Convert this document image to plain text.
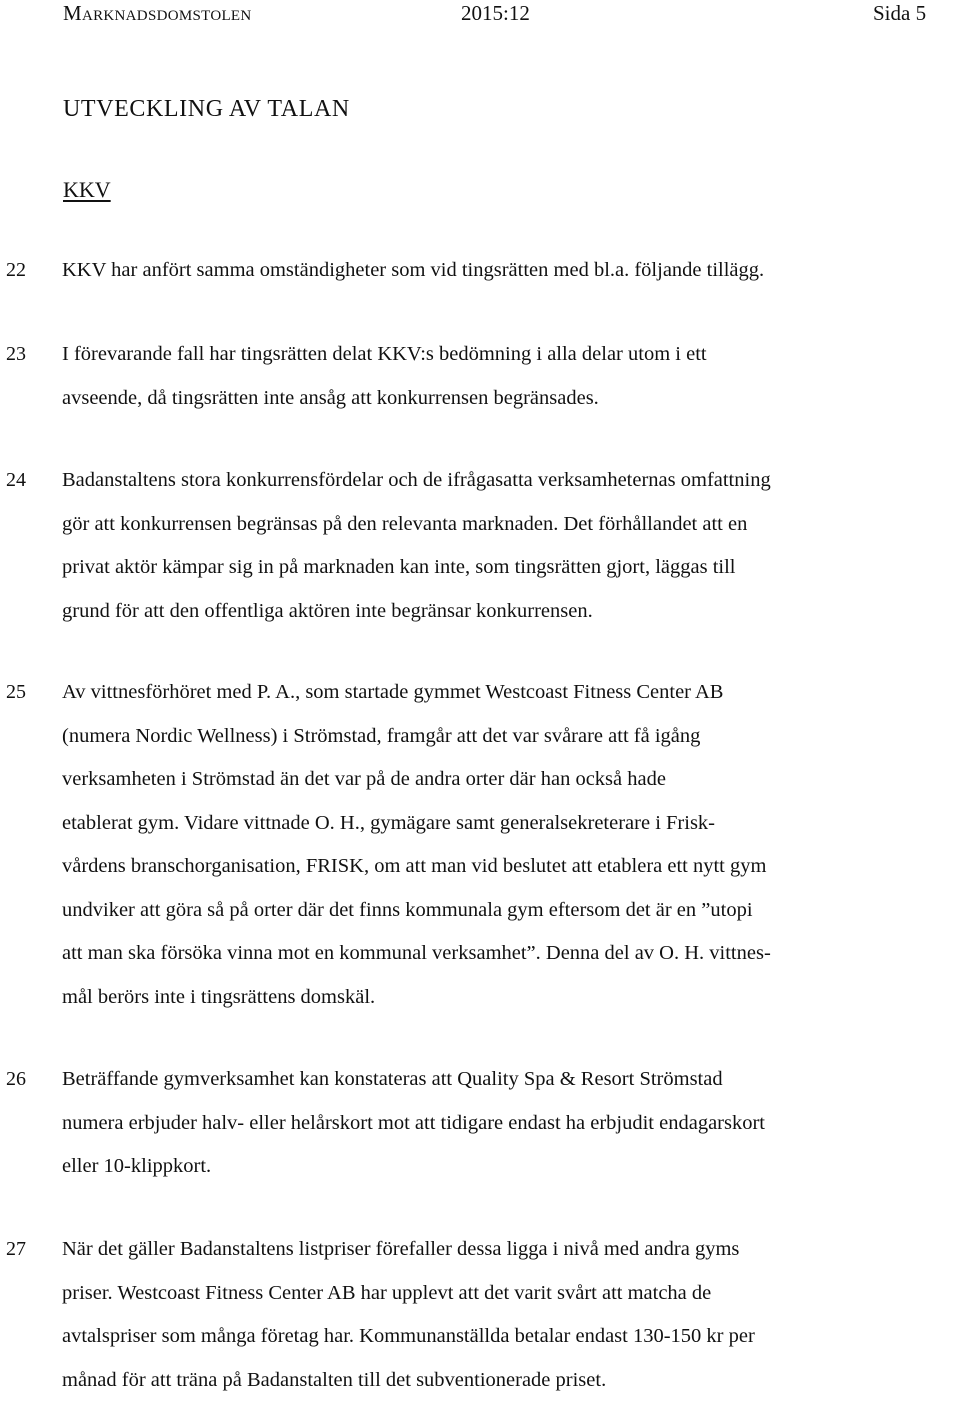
Marknadsdomstolen	2015:12	Sida 5
UTVECKLING AV TALAN
KKV
22 KKV har anfört samma omständigheter som vid tingsrätten med bl.a. följande tillägg.
23 I förevarande fall har tingsrätten delat KKV:s bedömning i alla delar utom i ett
avseende, då tingsrätten inte ansåg att konkurrensen begränsades.
24 Badanstaltens stora konkurrensfördelar och de ifrågasatta verksamheternas omfattning
gör att konkurrensen begränsas på den relevanta marknaden. Det förhållandet att en
privat aktör kämpar sig in på marknaden kan inte, som tingsrätten gjort, läggas till
grund för att den offentliga aktören inte begränsar konkurrensen.
25 Av vittnesförhöret med P. A., som startade gymmet Westcoast Fitness Center AB
(numera Nordic Wellness) i Strömstad, framgår att det var svårare att få igång
verksamheten i Strömstad än det var på de andra orter där han också hade
etablerat gym. Vidare vittnade O. H., gymägare samt generalsekreterare i Frisk-
vårdens branschorganisation, FRISK, om att man vid beslutet att etablera ett nytt gym
undviker att göra så på orter där det finns kommunala gym eftersom det är en ”utopi
att man ska försöka vinna mot en kommunal verksamhet”. Denna del av O. H. vittnes-
mål berörs inte i tingsrättens domskäl.
26 Beträffande gymverksamhet kan konstateras att Quality Spa & Resort Strömstad
numera erbjuder halv- eller helårskort mot att tidigare endast ha erbjudit endagarskort
eller 10-klippkort.
27 När det gäller Badanstaltens listpriser förefaller dessa ligga i nivå med andra gyms
priser. Westcoast Fitness Center AB har upplevt att det varit svårt att matcha de
avtalspriser som många företag har. Kommunanställda betalar endast 130-150 kr per
månad för att träna på Badanstalten till det subventionerade priset.
